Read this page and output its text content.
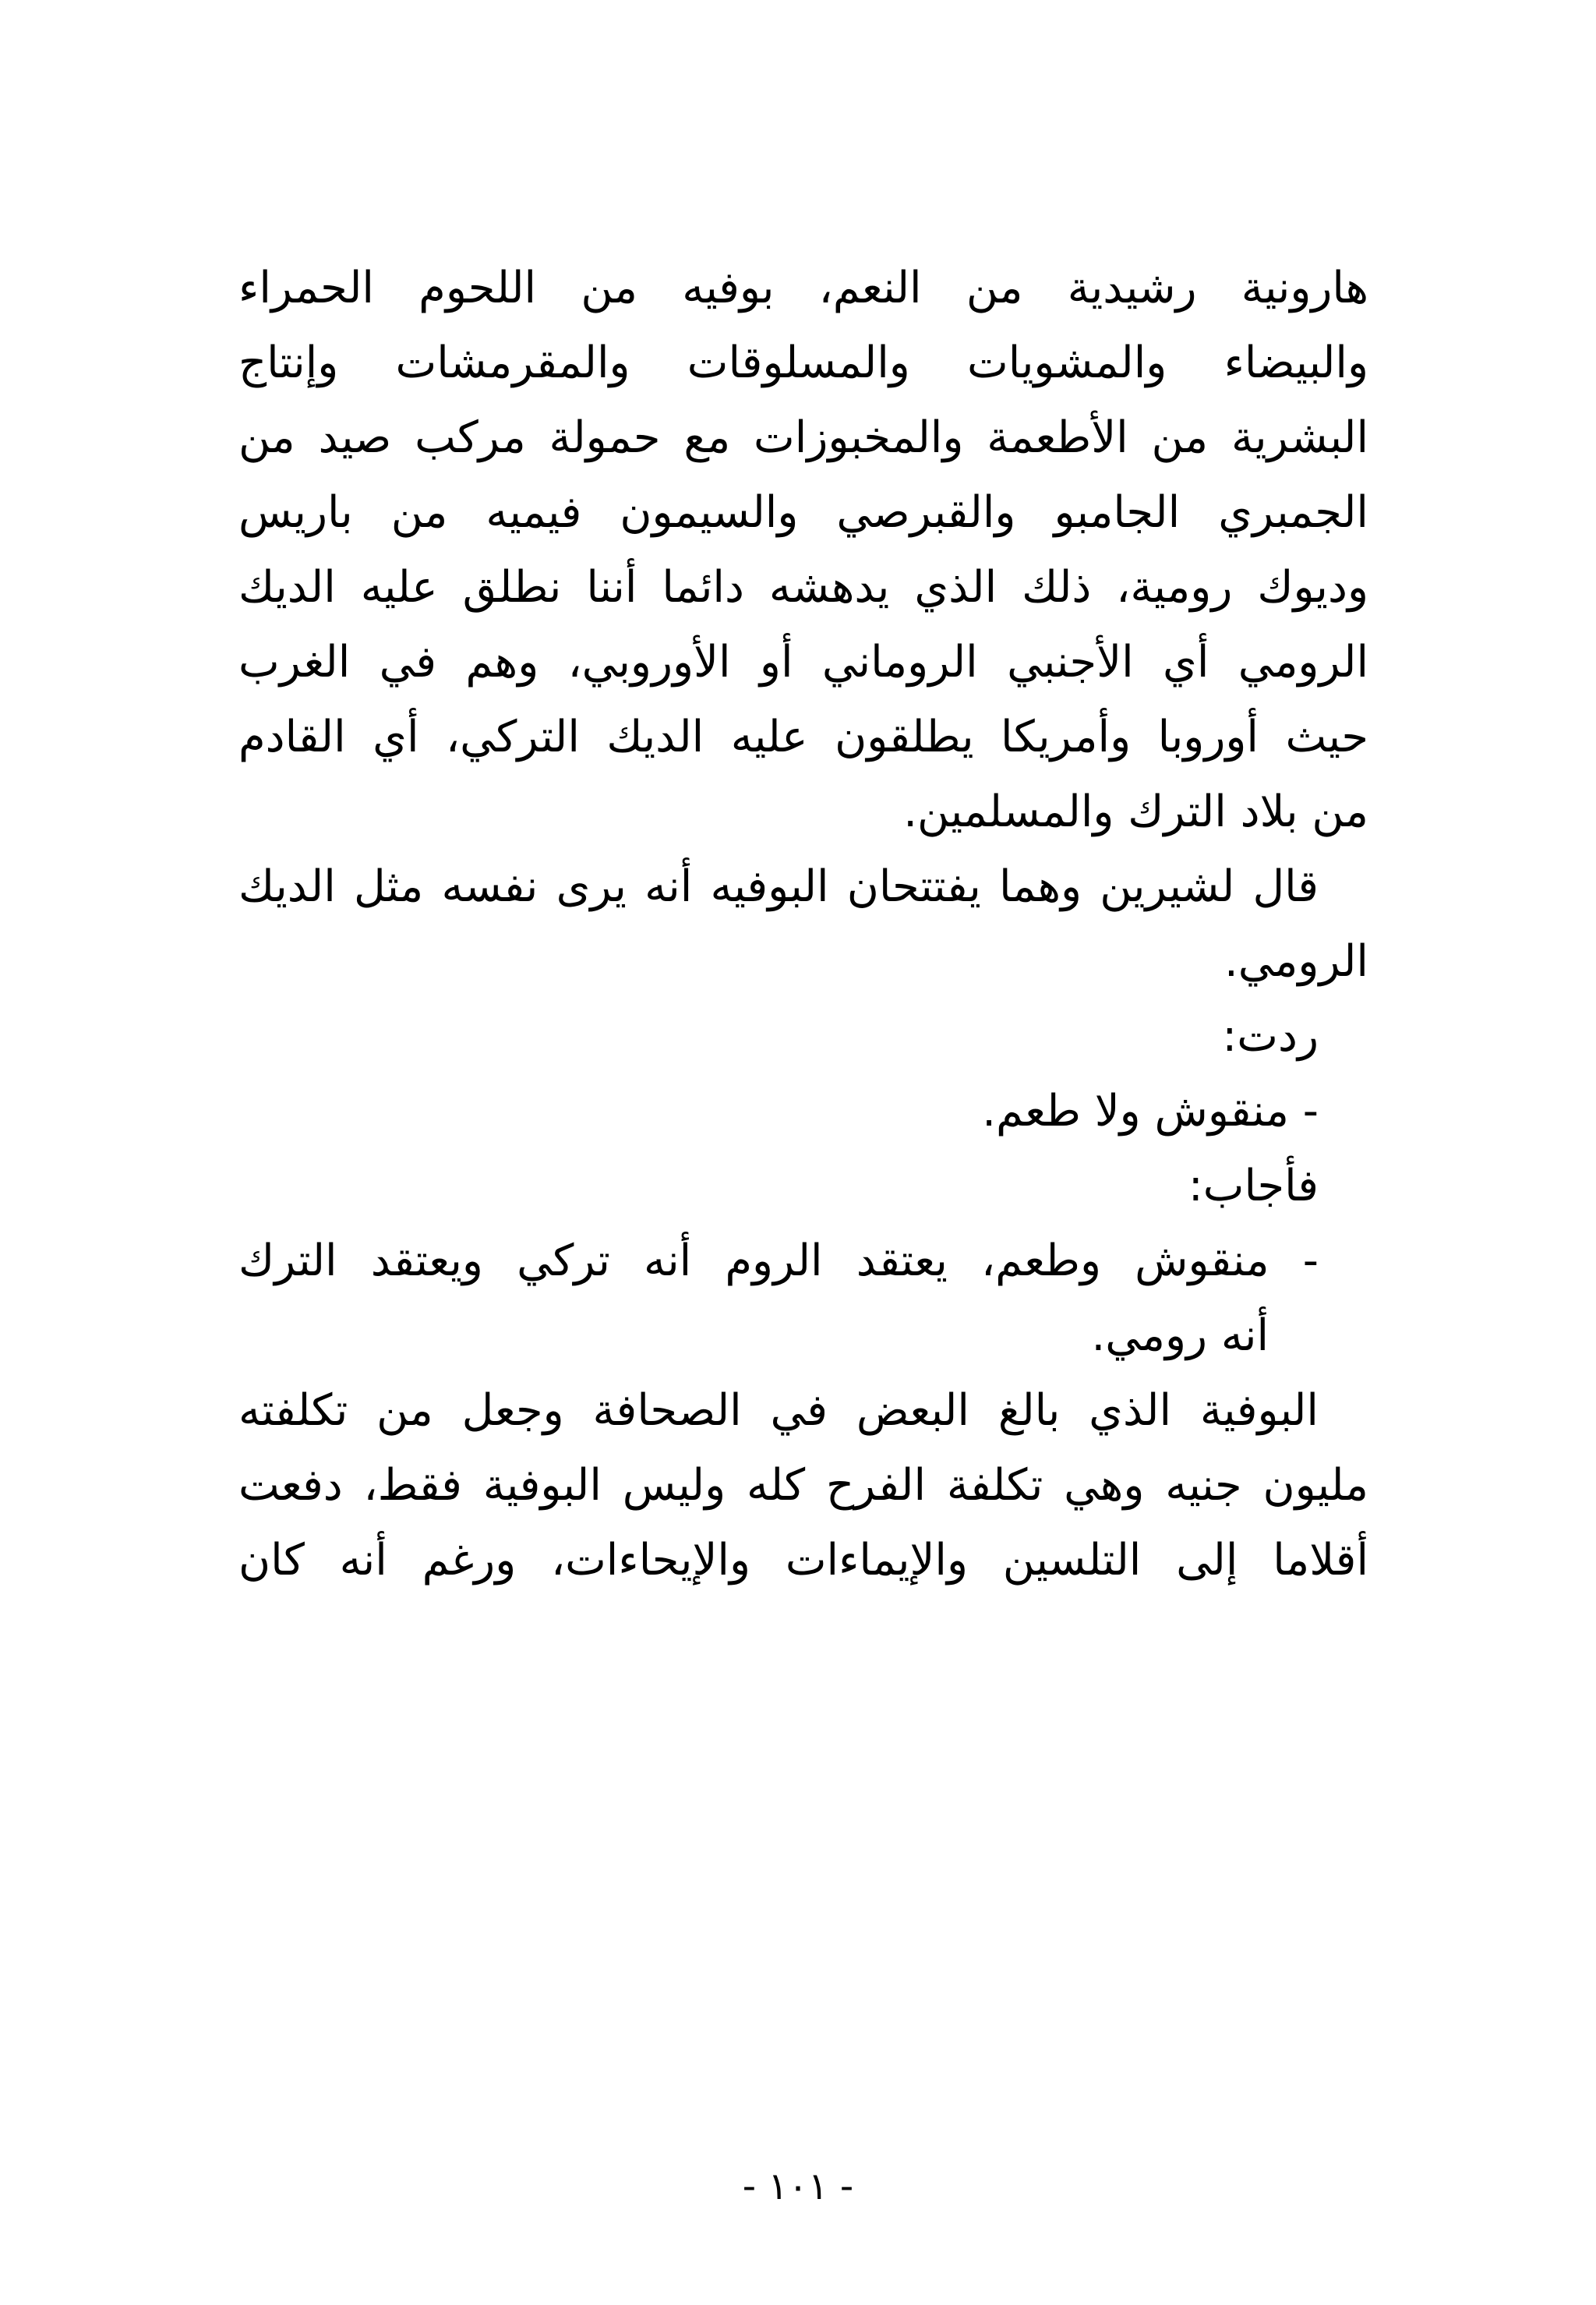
هارونية رشيدية من النعم، بوفيه من اللحوم الحمراء
والبيضاء والمشويات والمسلوقات والمقرمشات وإنتاج
البشرية من الأطعمة والمخبوزات مع حمولة مركب صيد من
الجمبري الجامبو والقبرصي والسيمون فيميه من باريس
وديوك رومية، ذلك الذي يدهشه دائما أننا نطلق عليه الديك
الرومي أي الأجنبي الروماني أو الأوروبي، وهم في الغرب
حيث أوروبا وأمريكا يطلقون عليه الديك التركي، أي القادم
من بلاد الترك والمسلمين.
قال لشيرين وهما يفتتحان البوفيه أنه يرى نفسه مثل الديك
الرومي.
ردت:
- منقوش ولا طعم.
فأجاب:
- منقوش وطعم، يعتقد الروم أنه تركي ويعتقد الترك
أنه رومي.
البوفية الذي بالغ البعض في الصحافة وجعل من تكلفته
مليون جنيه وهي تكلفة الفرح كله وليس البوفية فقط، دفعت
أقلاما إلى التلسين والإيماءات والإيحاءات، ورغم أنه كان
- ١٠١ -
